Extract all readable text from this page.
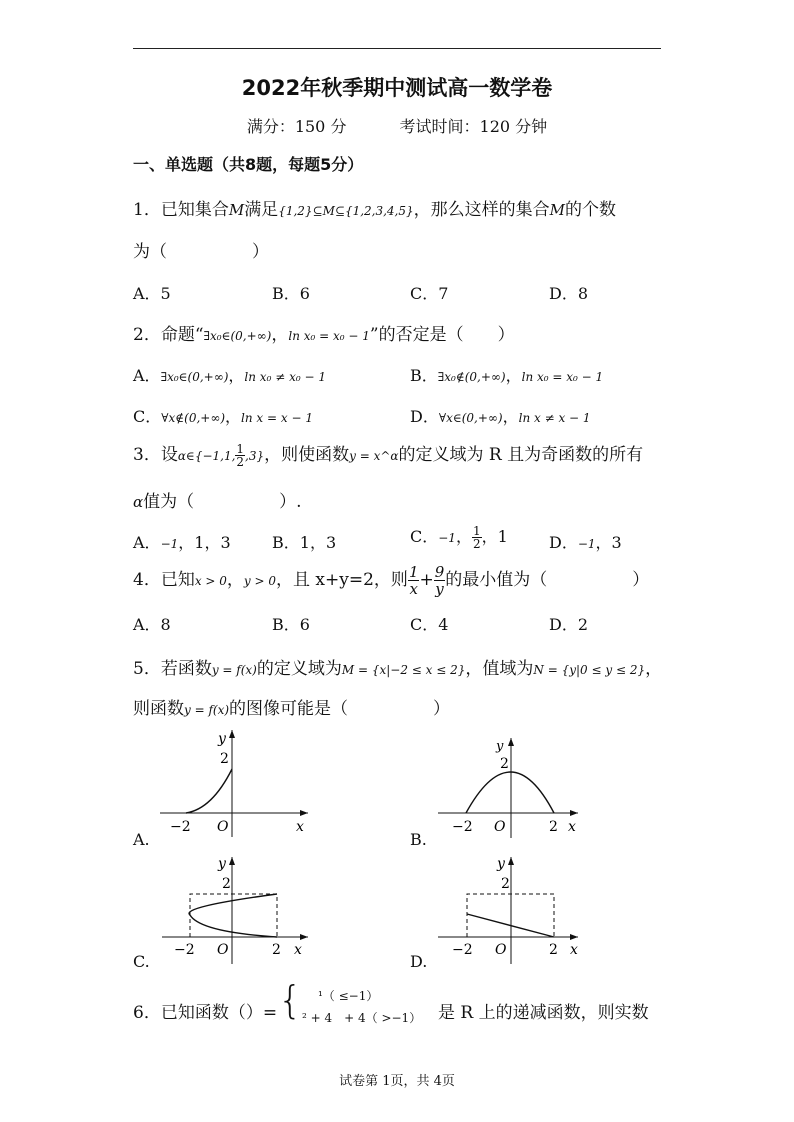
2022年秋季期中测试高一数学卷
满分：150 分	考试时间：120 分钟
一、单选题（共8题，每题5分）
1．已知集合M满足{1,2}⊆M⊆{1,2,3,4,5}，那么这样的集合M的个数
为（　　　　　）
A．5	B．6	C．7	D．8
2．命题“∃x₀∈(0,+∞)，ln x₀ = x₀ − 1”的否定是（　　）
A．∃x₀∈(0,+∞)，ln x₀ ≠ x₀ − 1	B．∃x₀∉(0,+∞)，ln x₀ = x₀ − 1
C．∀x∉(0,+∞)，ln x = x − 1	D．∀x∈(0,+∞)，ln x ≠ x − 1
3．设α∈{−1,1, $\frac{1}{2} ,3$}，则使函数y = x^α的定义域为 R 且为奇函数的所有
α值为（　　　　　）.
A．−1，1，3	B．1，3	C．−1， $\frac{1}{2}$ ，1	D．−1，3
4．已知x > 0，y > 0，且 x+y=2，则 $\frac{1}{x} + \frac{9}{y}$ 的最小值为（　　　　　）
A．8	B．6	C．4	D．2
5．若函数y = f(x)的定义域为M = {x|−2 ≤ x ≤ 2}，值域为N = {y|0 ≤ y ≤ 2}，
则函数y = f(x)的图像可能是（　　　　　）
A.	B.
C.	D.
y
2
−2 O	x
y
2
−2 O	2 x
y
2
−2 O	2 x
y
2
−2 O	2 x
6．已知函数（）= {	¹（ ≤−1）
² + 4　+ 4（ >−1） 是 R 上的递减函数，则实数
试卷第 1页，共 4页
